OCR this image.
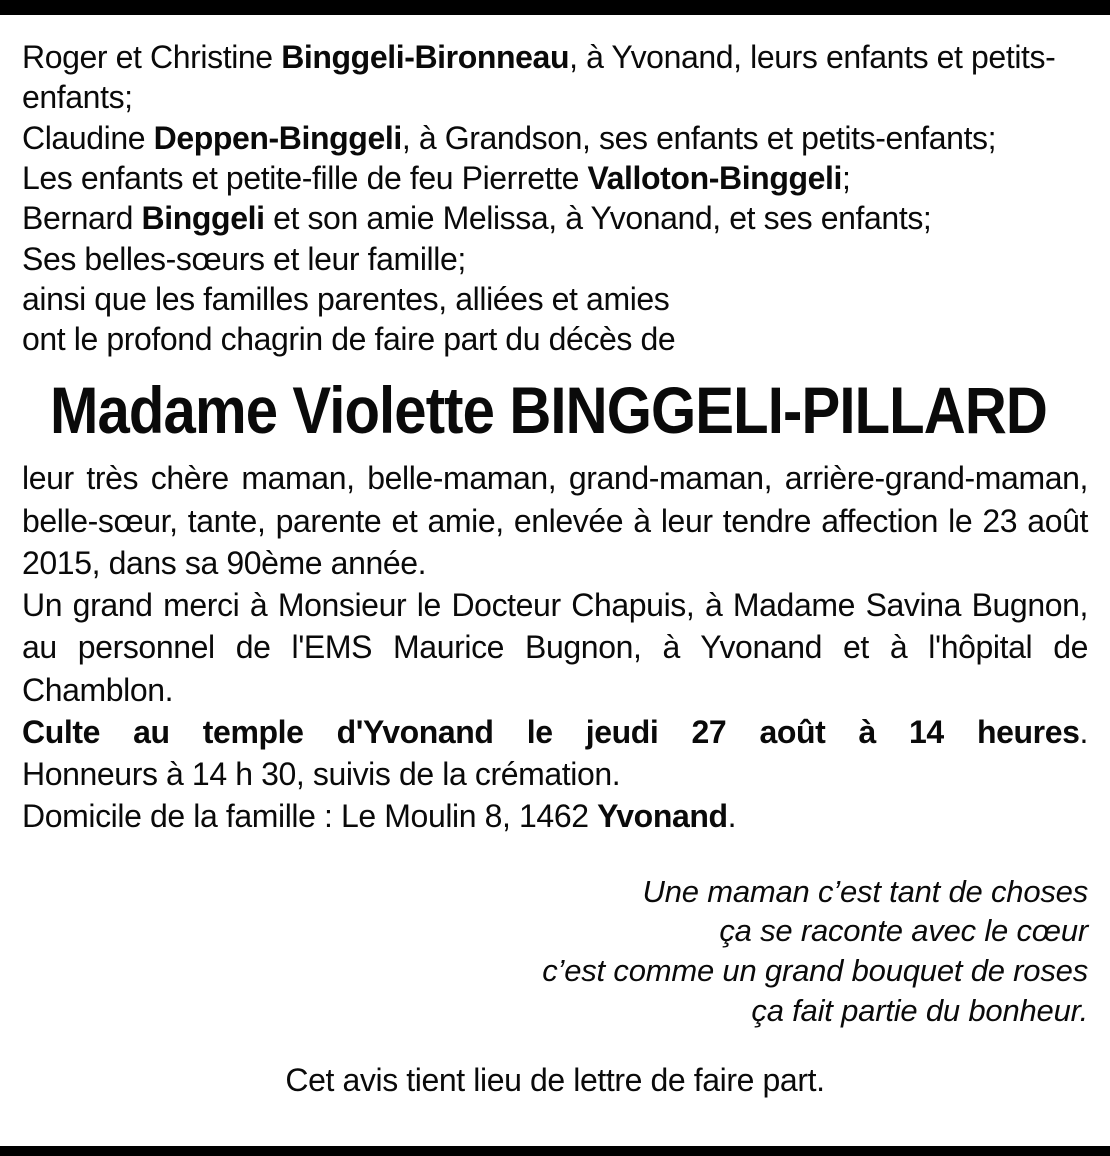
Roger et Christine Binggeli-Bironneau, à Yvonand, leurs enfants et petits-enfants;
Claudine Deppen-Binggeli, à Grandson, ses enfants et petits-enfants;
Les enfants et petite-fille de feu Pierrette Valloton-Binggeli;
Bernard Binggeli et son amie Melissa, à Yvonand, et ses enfants;
Ses belles-sœurs et leur famille;
ainsi que les familles parentes, alliées et amies
ont le profond chagrin de faire part du décès de
Madame Violette BINGGELI-PILLARD

leur très chère maman, belle-maman, grand-maman, arrière-grand-maman, belle-sœur, tante, parente et amie, enlevée à leur tendre affection le 23 août 2015, dans sa 90ème année.

Un grand merci à Monsieur le Docteur Chapuis, à Madame Savina Bugnon, au personnel de l'EMS Maurice Bugnon, à Yvonand et à l'hôpital de Chamblon.

Culte au temple d'Yvonand le jeudi 27 août à 14 heures.

Honneurs à 14 h 30, suivis de la crémation.

Domicile de la famille : Le Moulin 8, 1462 Yvonand.

Une maman c’est tant de choses
ça se raconte avec le cœur
c’est comme un grand bouquet de roses
ça fait partie du bonheur.
Cet avis tient lieu de lettre de faire part.
